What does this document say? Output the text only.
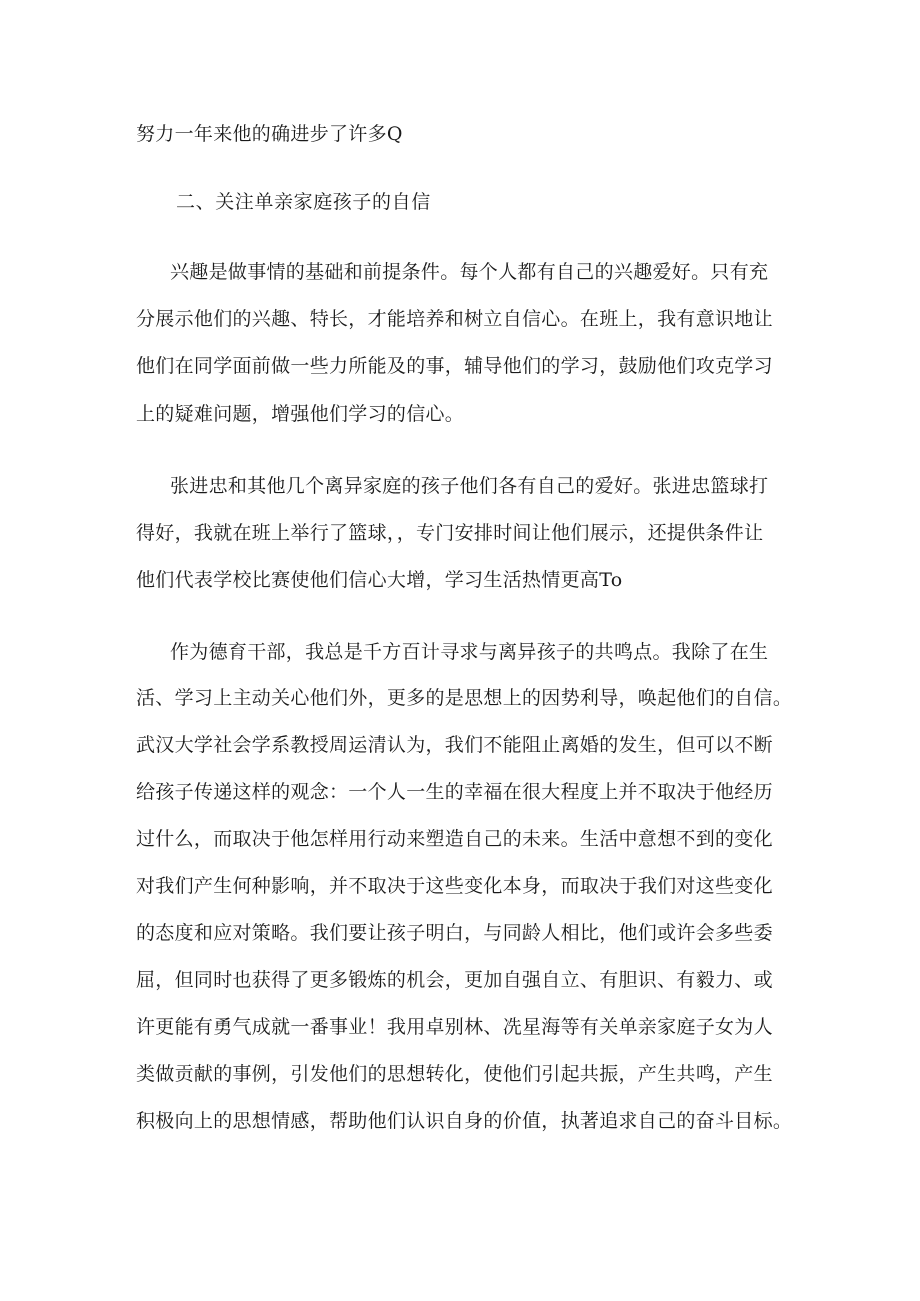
努力一年来他的确进步了许多Q
二、关注单亲家庭孩子的自信
兴趣是做事情的基础和前提条件。每个人都有自己的兴趣爱好。只有充
分展示他们的兴趣、特长，才能培养和树立自信心。在班上，我有意识地让
他们在同学面前做一些力所能及的事，辅导他们的学习，鼓励他们攻克学习
上的疑难问题，增强他们学习的信心。
张进忠和其他几个离异家庭的孩子他们各有自己的爱好。张进忠篮球打
得好，我就在班上举行了篮球，，专门安排时间让他们展示，还提供条件让
他们代表学校比赛使他们信心大增，学习生活热情更高To
作为德育干部，我总是千方百计寻求与离异孩子的共鸣点。我除了在生
活、学习上主动关心他们外，更多的是思想上的因势利导，唤起他们的自信。
武汉大学社会学系教授周运清认为，我们不能阻止离婚的发生，但可以不断
给孩子传递这样的观念：一个人一生的幸福在很大程度上并不取决于他经历
过什么，而取决于他怎样用行动来塑造自己的未来。生活中意想不到的变化
对我们产生何种影响，并不取决于这些变化本身，而取决于我们对这些变化
的态度和应对策略。我们要让孩子明白，与同龄人相比，他们或许会多些委
屈，但同时也获得了更多锻炼的机会，更加自强自立、有胆识、有毅力、或
许更能有勇气成就一番事业！我用卓别林、冼星海等有关单亲家庭子女为人
类做贡献的事例，引发他们的思想转化，使他们引起共振，产生共鸣，产生
积极向上的思想情感，帮助他们认识自身的价值，执著追求自己的奋斗目标。
